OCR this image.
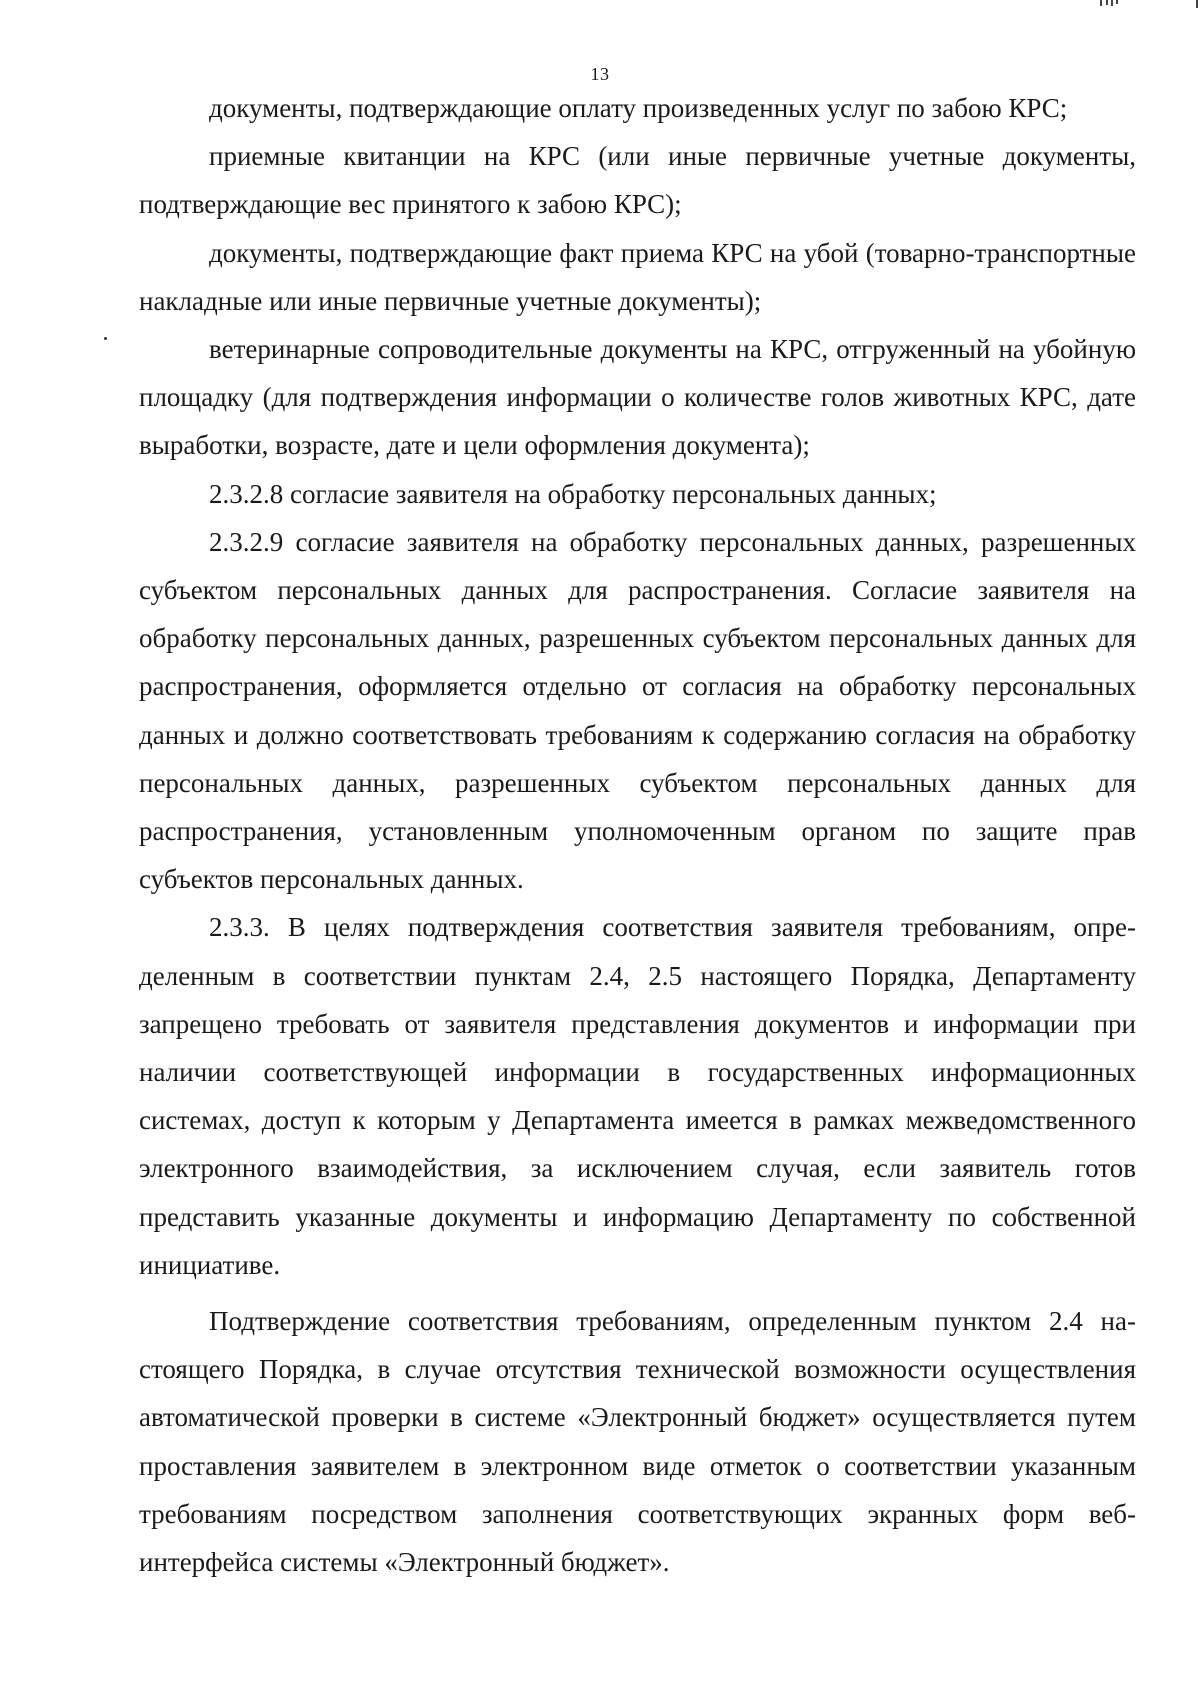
13

документы, подтверждающие оплату произведенных услуг по забою КРС;

приемные квитанции на КРС (или иные первичные учетные документы, подтверждающие вес принятого к забою КРС);

документы, подтверждающие факт приема КРС на убой (товарно-транспортные накладные или иные первичные учетные документы);

ветеринарные сопроводительные документы на КРС, отгруженный на убойную площадку (для подтверждения информации о количестве голов животных КРС, дате выработки, возрасте, дате и цели оформления документа);

2.3.2.8 согласие заявителя на обработку персональных данных;

2.3.2.9 согласие заявителя на обработку персональных данных, разрешенных субъектом персональных данных для распространения. Согласие заявителя на обработку персональных данных, разрешенных субъектом персональных данных для распространения, оформляется отдельно от согласия на обработку персональных данных и должно соответствовать требованиям к содержанию согласия на обработку персональных данных, разрешенных субъектом персональных данных для распространения, установленным уполномоченным органом по защите прав субъектов персональных данных.

2.3.3. В целях подтверждения соответствия заявителя требованиям, определенным в соответствии пунктам 2.4, 2.5 настоящего Порядка, Департаменту запрещено требовать от заявителя представления документов и информации при наличии соответствующей информации в государственных информационных системах, доступ к которым у Департамента имеется в рамках межведомственного электронного взаимодействия, за исключением случая, если заявитель готов представить указанные документы и информацию Департаменту по собственной инициативе.

Подтверждение соответствия требованиям, определенным пунктом 2.4 настоящего Порядка, в случае отсутствия технической возможности осуществления автоматической проверки в системе «Электронный бюджет» осуществляется путем проставления заявителем в электронном виде отметок о соответствии указанным требованиям посредством заполнения соответствующих экранных форм веб-интерфейса системы «Электронный бюджет».
